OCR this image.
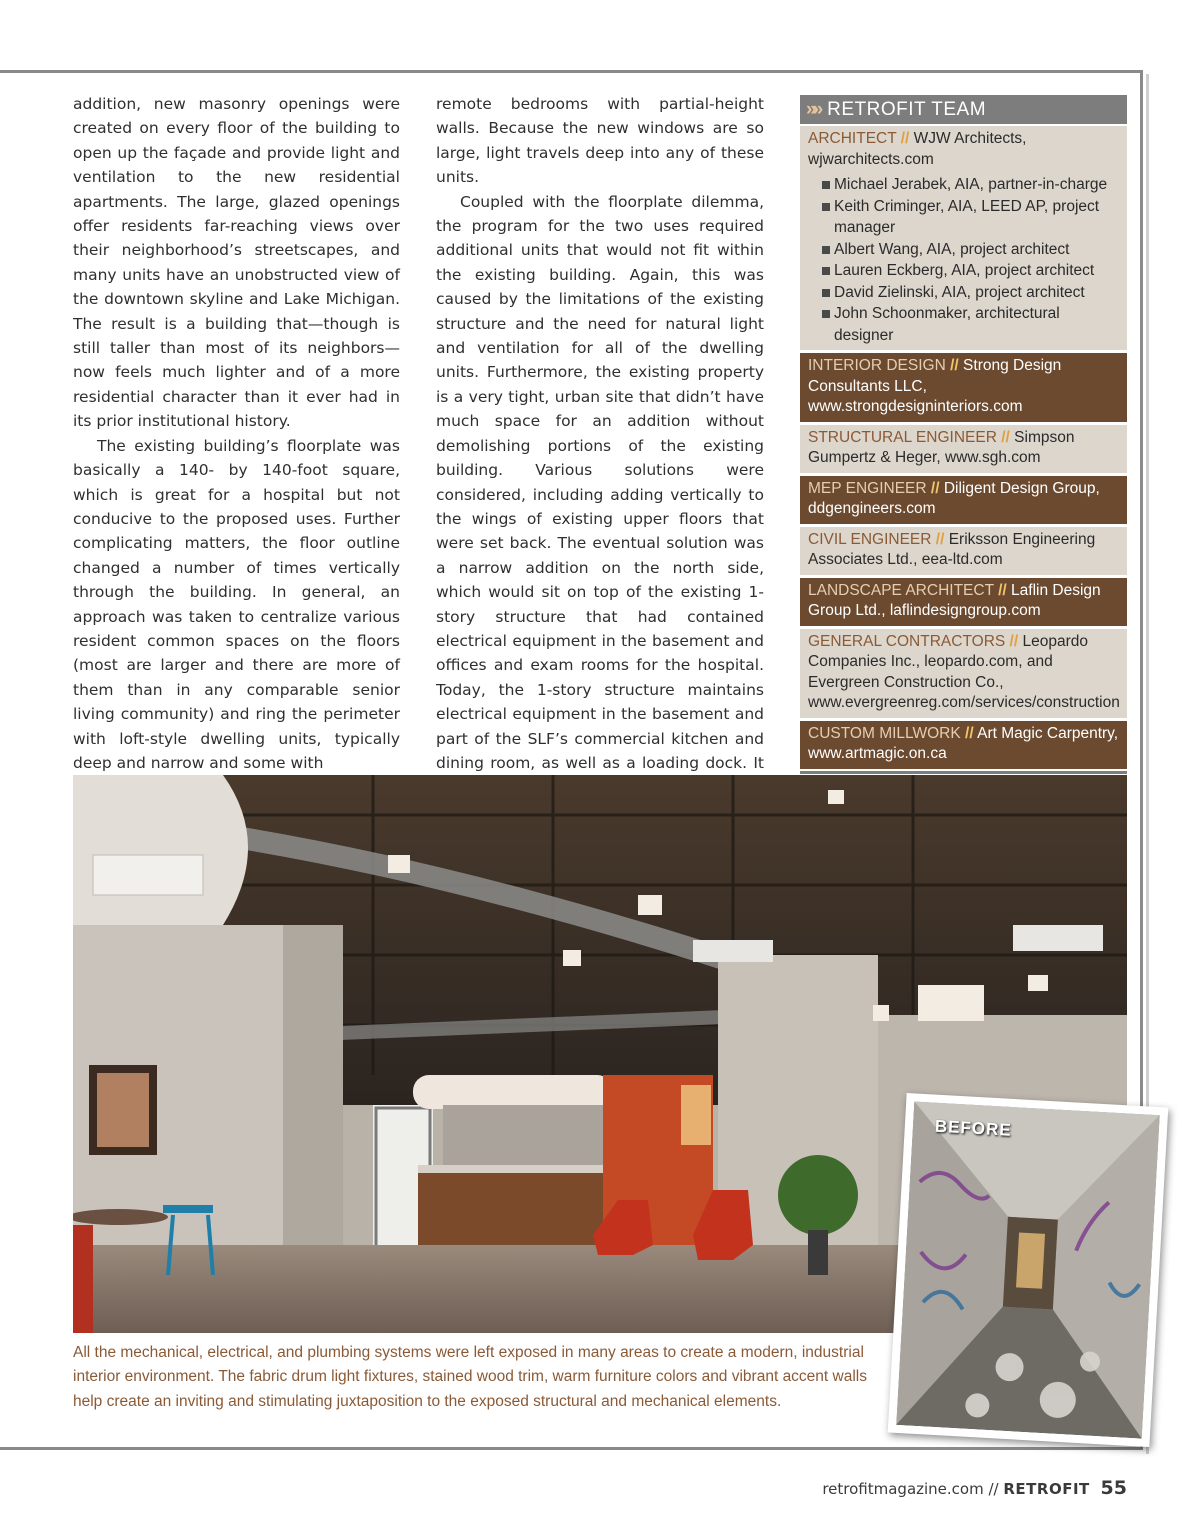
addition, new masonry openings were created on every floor of the building to open up the façade and provide light and ventilation to the new residential apartments. The large, glazed openings offer residents far-reaching views over their neighborhood’s streetscapes, and many units have an unobstructed view of the downtown skyline and Lake Michigan. The result is a building that—though is still taller than most of its neighbors—now feels much lighter and of a more residential character than it ever had in its prior institutional history.

The existing building’s floorplate was basically a 140- by 140-foot square, which is great for a hospital but not conducive to the proposed uses. Further complicating matters, the floor outline changed a number of times vertically through the building. In general, an approach was taken to centralize various resident common spaces on the floors (most are larger and there are more of them than in any comparable senior living community) and ring the perimeter with loft-style dwelling units, typically deep and narrow and some with

remote bedrooms with partial-height walls. Because the new windows are so large, light travels deep into any of these units.

Coupled with the floorplate dilemma, the program for the two uses required additional units that would not fit within the existing building. Again, this was caused by the limitations of the existing structure and the need for natural light and ventilation for all of the dwelling units. Furthermore, the existing property is a very tight, urban site that didn’t have much space for an addition without demolishing portions of the existing building. Various solutions were considered, including adding vertically to the wings of existing upper floors that were set back. The eventual solution was a narrow addition on the north side, which would sit on top of the existing 1-story structure that had contained electrical equipment in the basement and offices and exam rooms for the hospital. Today, the 1-story structure maintains electrical equipment in the basement and part of the SLF’s commercial kitchen and dining room, as well as a loading dock. It

»» RETROFIT TEAM
ARCHITECT // WJW Architects, wjwarchitects.com
Michael Jerabek, AIA, partner-in-charge
Keith Criminger, AIA, LEED AP, project manager
Albert Wang, AIA, project architect
Lauren Eckberg, AIA, project architect
David Zielinski, AIA, project architect
John Schoonmaker, architectural designer
INTERIOR DESIGN // Strong Design Consultants LLC, www.strongdesigninteriors.com
STRUCTURAL ENGINEER // Simpson Gumpertz & Heger, www.sgh.com
MEP ENGINEER // Diligent Design Group, ddgengineers.com
CIVIL ENGINEER // Eriksson Engineering Associates Ltd., eea-ltd.com
LANDSCAPE ARCHITECT // Laflin Design Group Ltd., laflindesigngroup.com
GENERAL CONTRACTORS // Leopardo Companies Inc., leopardo.com, and Evergreen Construction Co., www.evergreenreg.com/services/construction
CUSTOM MILLWORK // Art Magic Carpentry, www.artmagic.on.ca
BEFORE
All the mechanical, electrical, and plumbing systems were left exposed in many areas to create a modern, industrial interior environment. The fabric drum light fixtures, stained wood trim, warm furniture colors and vibrant accent walls help create an inviting and stimulating juxtaposition to the exposed structural and mechanical elements.
retrofitmagazine.com // RETROFIT 55
